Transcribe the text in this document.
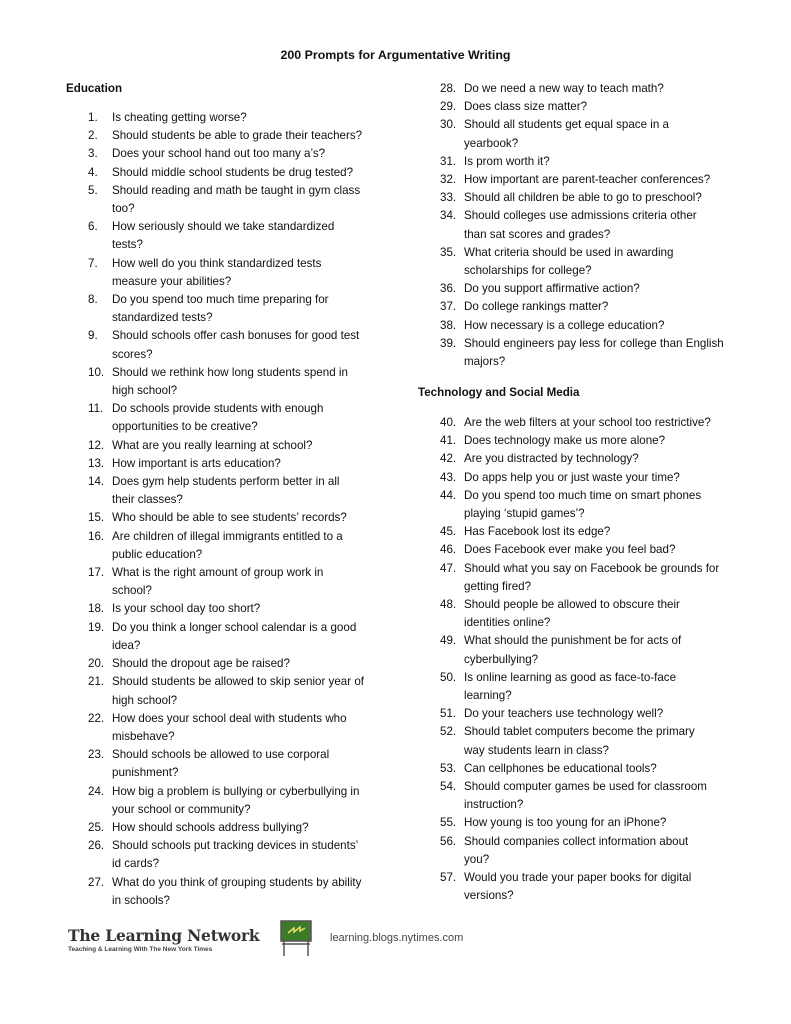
200 Prompts for Argumentative Writing
Education
1. Is cheating getting worse?
2. Should students be able to grade their teachers?
3. Does your school hand out too many a’s?
4. Should middle school students be drug tested?
5. Should reading and math be taught in gym class
too?
6. How seriously should we take standardized
tests?
7. How well do you think standardized tests
measure your abilities?
8. Do you spend too much time preparing for
standardized tests?
9. Should schools offer cash bonuses for good test
scores?
10. Should we rethink how long students spend in
high school?
11. Do schools provide students with enough
opportunities to be creative?
12. What are you really learning at school?
13. How important is arts education?
14. Does gym help students perform better in all
their classes?
15. Who should be able to see students’ records?
16. Are children of illegal immigrants entitled to a
public education?
17. What is the right amount of group work in
school?
18. Is your school day too short?
19. Do you think a longer school calendar is a good
idea?
20. Should the dropout age be raised?
21. Should students be allowed to skip senior year of
high school?
22. How does your school deal with students who
misbehave?
23. Should schools be allowed to use corporal
punishment?
24. How big a problem is bullying or cyberbullying in
your school or community?
25. How should schools address bullying?
26. Should schools put tracking devices in students’
id cards?
27. What do you think of grouping students by ability
in schools?
28. Do we need a new way to teach math?
29. Does class size matter?
30. Should all students get equal space in a
yearbook?
31. Is prom worth it?
32. How important are parent-teacher conferences?
33. Should all children be able to go to preschool?
34. Should colleges use admissions criteria other
than sat scores and grades?
35. What criteria should be used in awarding
scholarships for college?
36. Do you support affirmative action?
37. Do college rankings matter?
38. How necessary is a college education?
39. Should engineers pay less for college than English
majors?
Technology and Social Media
40. Are the web filters at your school too restrictive?
41. Does technology make us more alone?
42. Are you distracted by technology?
43. Do apps help you or just waste your time?
44. Do you spend too much time on smart phones
playing ‘stupid games’?
45. Has Facebook lost its edge?
46. Does Facebook ever make you feel bad?
47. Should what you say on Facebook be grounds for
getting fired?
48. Should people be allowed to obscure their
identities online?
49. What should the punishment be for acts of
cyberbullying?
50. Is online learning as good as face-to-face
learning?
51. Do your teachers use technology well?
52. Should tablet computers become the primary
way students learn in class?
53. Can cellphones be educational tools?
54. Should computer games be used for classroom
instruction?
55. How young is too young for an iPhone?
56. Should companies collect information about
you?
57. Would you trade your paper books for digital
versions?
The Learning Network
Teaching & Learning With The New York Times
learning.blogs.nytimes.com
